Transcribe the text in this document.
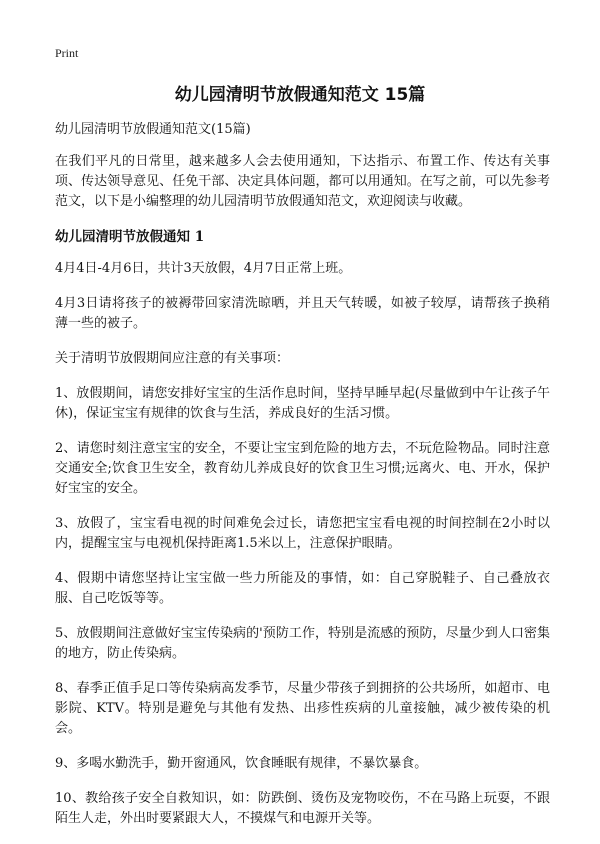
Print
幼儿园清明节放假通知范文 15篇

幼儿园清明节放假通知范文(15篇)

在我们平凡的日常里，越来越多人会去使用通知，下达指示、布置工作、传达有关事项、传达领导意见、任免干部、决定具体问题，都可以用通知。在写之前，可以先参考范文，以下是小编整理的幼儿园清明节放假通知范文，欢迎阅读与收藏。

幼儿园清明节放假通知 1

4月4日-4月6日，共计3天放假，4月7日正常上班。

4月3日请将孩子的被褥带回家清洗晾晒，并且天气转暖，如被子较厚，请帮孩子换稍薄一些的被子。

关于清明节放假期间应注意的有关事项：

1、放假期间，请您安排好宝宝的生活作息时间，坚持早睡早起(尽量做到中午让孩子午休)，保证宝宝有规律的饮食与生活，养成良好的生活习惯。

2、请您时刻注意宝宝的安全，不要让宝宝到危险的地方去，不玩危险物品。同时注意交通安全;饮食卫生安全，教育幼儿养成良好的饮食卫生习惯;远离火、电、开水，保护好宝宝的安全。

3、放假了，宝宝看电视的时间难免会过长，请您把宝宝看电视的时间控制在2小时以内，提醒宝宝与电视机保持距离1.5米以上，注意保护眼睛。

4、假期中请您坚持让宝宝做一些力所能及的事情，如：自己穿脱鞋子、自己叠放衣服、自己吃饭等等。

5、放假期间注意做好宝宝传染病的'预防工作，特别是流感的预防，尽量少到人口密集的地方，防止传染病。

8、春季正值手足口等传染病高发季节，尽量少带孩子到拥挤的公共场所，如超市、电影院、KTV。特别是避免与其他有发热、出疹性疾病的儿童接触，减少被传染的机会。

9、多喝水勤洗手，勤开窗通风，饮食睡眠有规律，不暴饮暴食。

10、教给孩子安全自救知识，如：防跌倒、烫伤及宠物咬伤，不在马路上玩耍，不跟陌生人走，外出时要紧跟大人，不摸煤气和电源开关等。
